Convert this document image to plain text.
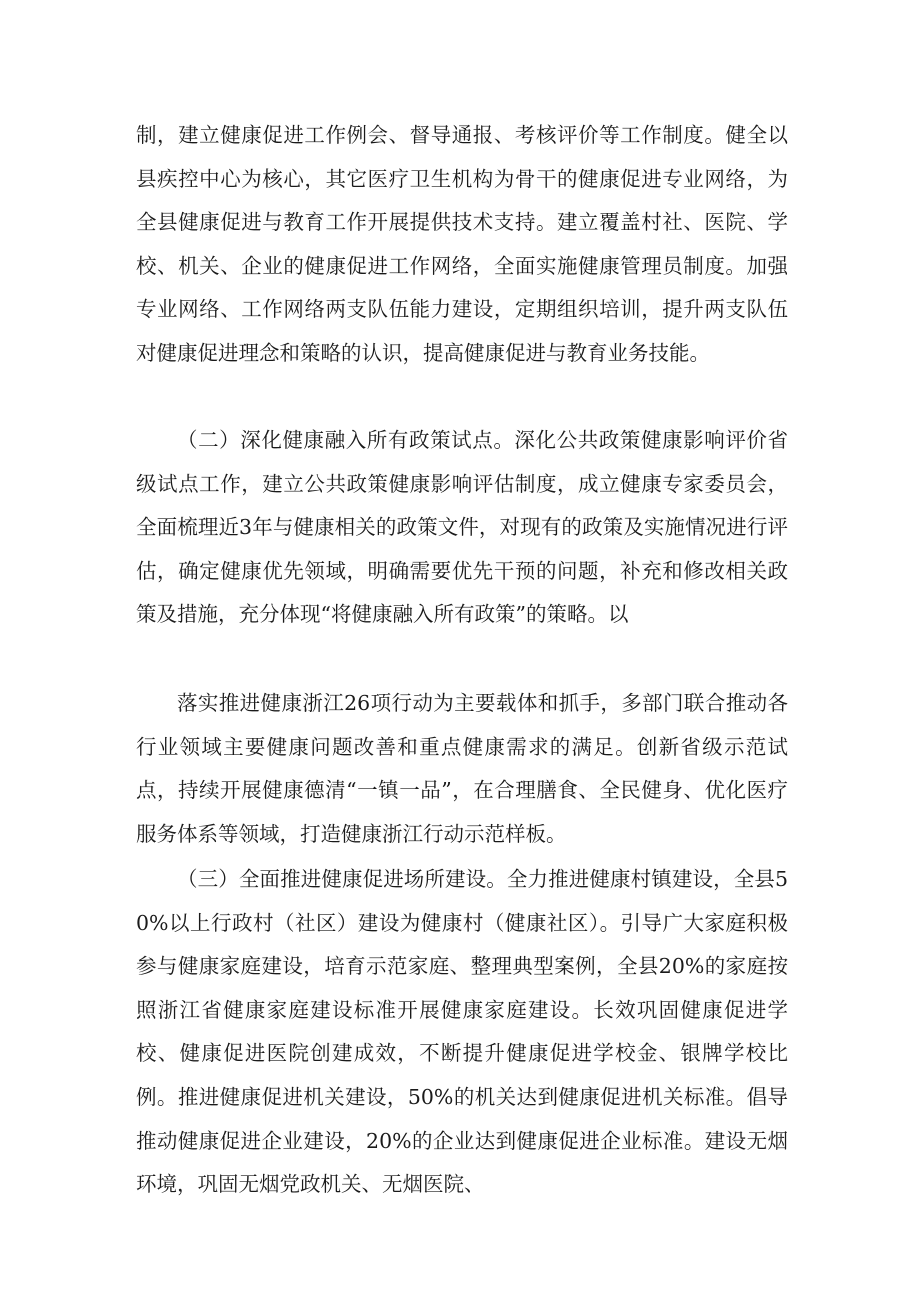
制，建立健康促进工作例会、督导通报、考核评价等工作制度。健全以县疾控中心为核心，其它医疗卫生机构为骨干的健康促进专业网络，为全县健康促进与教育工作开展提供技术支持。建立覆盖村社、医院、学校、机关、企业的健康促进工作网络，全面实施健康管理员制度。加强专业网络、工作网络两支队伍能力建设，定期组织培训，提升两支队伍对健康促进理念和策略的认识，提高健康促进与教育业务技能。

（二）深化健康融入所有政策试点。深化公共政策健康影响评价省级试点工作，建立公共政策健康影响评估制度，成立健康专家委员会，全面梳理近3年与健康相关的政策文件，对现有的政策及实施情况进行评估，确定健康优先领域，明确需要优先干预的问题，补充和修改相关政策及措施，充分体现“将健康融入所有政策”的策略。以

落实推进健康浙江26项行动为主要载体和抓手，多部门联合推动各行业领域主要健康问题改善和重点健康需求的满足。创新省级示范试点，持续开展健康德清“一镇一品”，在合理膳食、全民健身、优化医疗服务体系等领域，打造健康浙江行动示范样板。

（三）全面推进健康促进场所建设。全力推进健康村镇建设，全县50%以上行政村（社区）建设为健康村（健康社区）。引导广大家庭积极参与健康家庭建设，培育示范家庭、整理典型案例，全县20%的家庭按照浙江省健康家庭建设标准开展健康家庭建设。长效巩固健康促进学校、健康促进医院创建成效，不断提升健康促进学校金、银牌学校比例。推进健康促进机关建设，50%的机关达到健康促进机关标准。倡导推动健康促进企业建设，20%的企业达到健康促进企业标准。建设无烟环境，巩固无烟党政机关、无烟医院、
